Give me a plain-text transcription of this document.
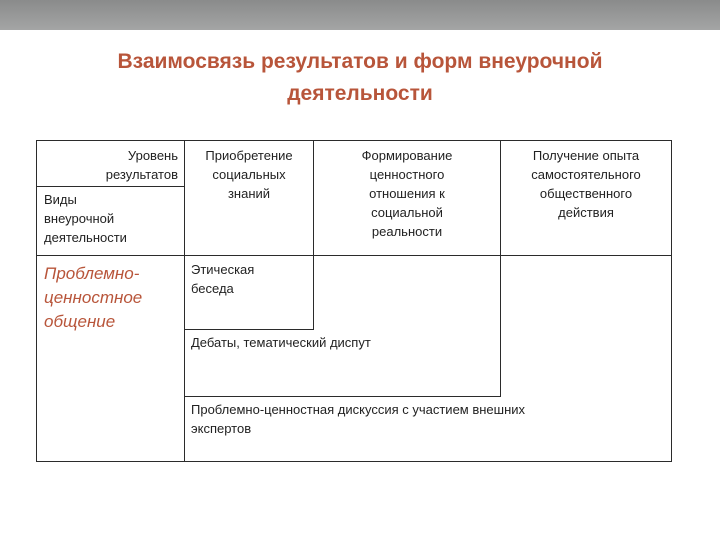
Взаимосвязь результатов и форм внеурочной
деятельности
Уровень
результатов
Виды
внеурочной
деятельности
Приобретение
социальных
знаний
Формирование
ценностного
отношения к
социальной
реальности
Получение опыта
самостоятельного
общественного
действия
Проблемно-
ценностное
общение
Этическая
беседа
Дебаты, тематический диспут
Проблемно-ценностная дискуссия с участием внешних
экспертов
